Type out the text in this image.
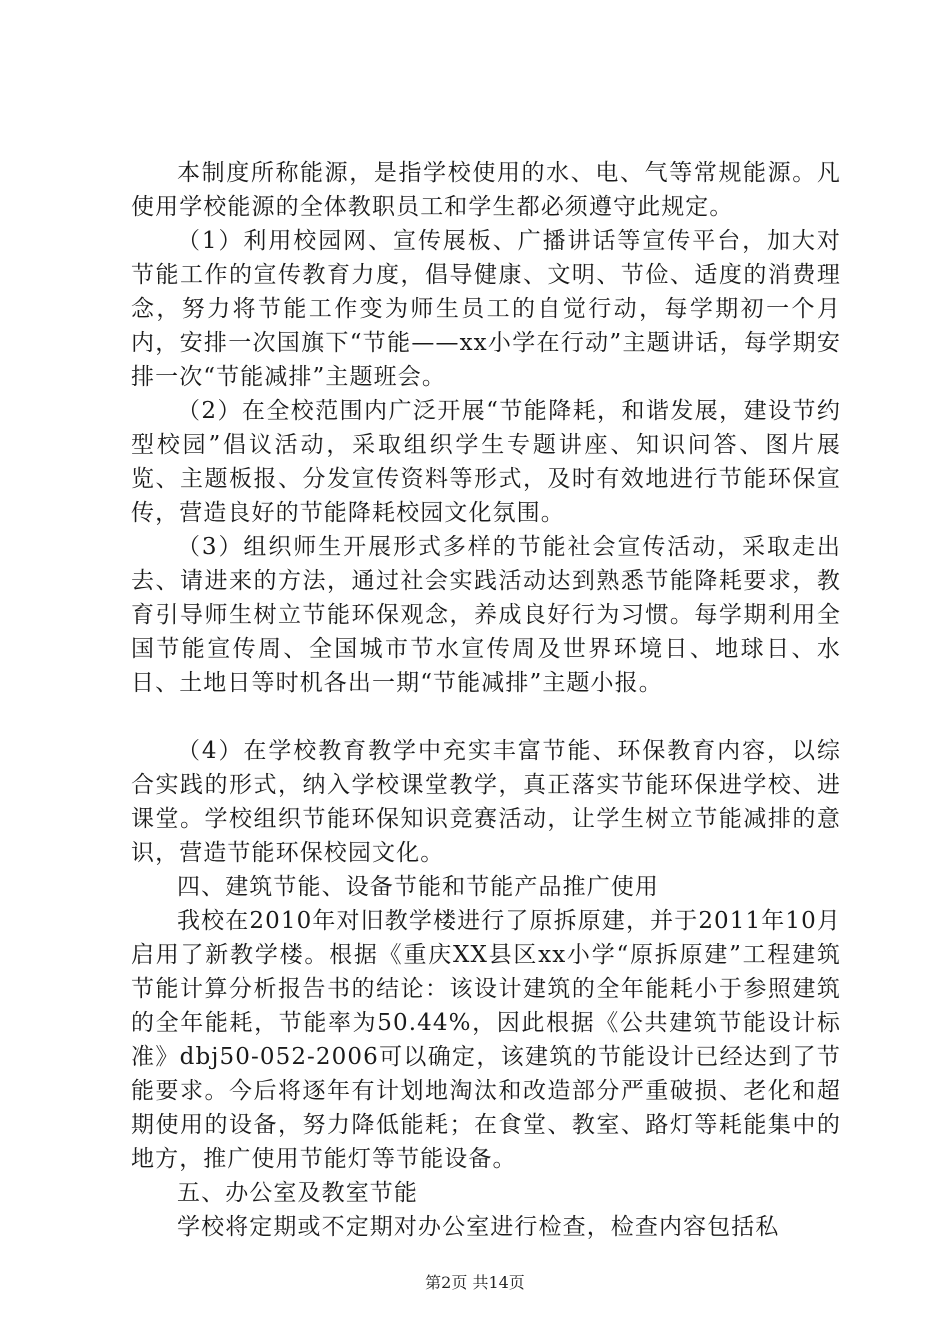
本制度所称能源，是指学校使用的水、电、气等常规能源。凡使用学校能源的全体教职员工和学生都必须遵守此规定。

（1）利用校园网、宣传展板、广播讲话等宣传平台，加大对节能工作的宣传教育力度，倡导健康、文明、节俭、适度的消费理念，努力将节能工作变为师生员工的自觉行动，每学期初一个月内，安排一次国旗下“节能——xx小学在行动”主题讲话，每学期安排一次“节能减排”主题班会。

（2）在全校范围内广泛开展“节能降耗，和谐发展，建设节约型校园”倡议活动，采取组织学生专题讲座、知识问答、图片展览、主题板报、分发宣传资料等形式，及时有效地进行节能环保宣传，营造良好的节能降耗校园文化氛围。

（3）组织师生开展形式多样的节能社会宣传活动，采取走出去、请进来的方法，通过社会实践活动达到熟悉节能降耗要求，教育引导师生树立节能环保观念，养成良好行为习惯。每学期利用全国节能宣传周、全国城市节水宣传周及世界环境日、地球日、水日、土地日等时机各出一期“节能减排”主题小报。

（4）在学校教育教学中充实丰富节能、环保教育内容，以综合实践的形式，纳入学校课堂教学，真正落实节能环保进学校、进课堂。学校组织节能环保知识竞赛活动，让学生树立节能减排的意识，营造节能环保校园文化。

四、建筑节能、设备节能和节能产品推广使用

我校在2010年对旧教学楼进行了原拆原建，并于2011年10月启用了新教学楼。根据《重庆XX县区xx小学“原拆原建”工程建筑节能计算分析报告书的结论：该设计建筑的全年能耗小于参照建筑的全年能耗，节能率为50.44%，因此根据《公共建筑节能设计标准》dbj50-052-2006可以确定，该建筑的节能设计已经达到了节能要求。今后将逐年有计划地淘汰和改造部分严重破损、老化和超期使用的设备，努力降低能耗；在食堂、教室、路灯等耗能集中的地方，推广使用节能灯等节能设备。

五、办公室及教室节能

学校将定期或不定期对办公室进行检查，检查内容包括私

第2页 共14页
